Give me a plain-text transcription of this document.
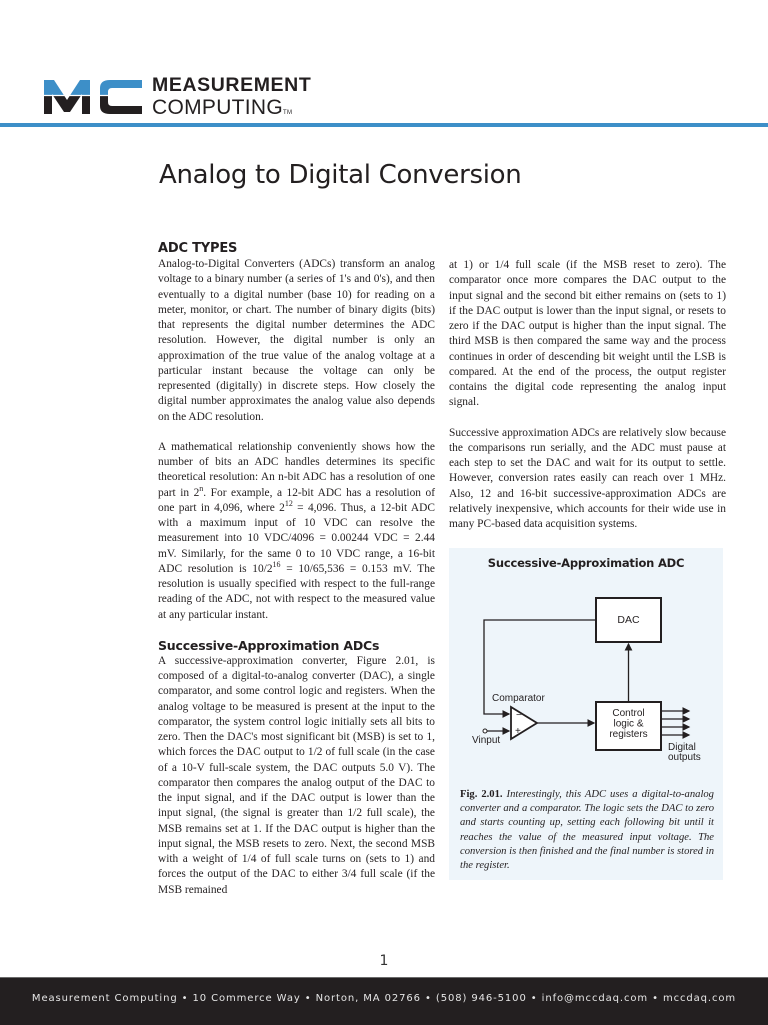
MEASUREMENT
COMPUTINGTM
Analog to Digital Conversion
ADC TYPES

Analog-to-Digital Converters (ADCs) transform an analog voltage to a binary number (a series of 1's and 0's), and then eventually to a digital number (base 10) for reading on a meter, monitor, or chart. The number of binary digits (bits) that represents the digital number determines the ADC resolution. However, the digital number is only an approximation of the true value of the analog voltage at a particular instant because the voltage can only be represented (digitally) in discrete steps. How closely the digital number approximates the analog value also depends on the ADC resolution.

A mathematical relationship conveniently shows how the number of bits an ADC handles determines its specific theoretical resolution: An n-bit ADC has a resolution of one part in 2$^n$. For example, a 12-bit ADC has a resolution of one part in 4,096, where $2^{12} = 4,096$. Thus, a 12-bit ADC with a maximum input of 10 VDC can resolve the measurement into 10 VDC/4096 = 0.00244 VDC = 2.44 mV. Similarly, for the same 0 to 10 VDC range, a 16-bit ADC resolution is $10/2^{16} = 10/65,536 = 0.153$ mV. The resolution is usually specified with respect to the full-range reading of the ADC, not with respect to the measured value at any particular instant.

Successive-Approximation ADCs

A successive-approximation converter, Figure 2.01, is composed of a digital-to-analog converter (DAC), a single comparator, and some control logic and registers. When the analog voltage to be measured is present at the input to the comparator, the system control logic initially sets all bits to zero. Then the DAC's most significant bit (MSB) is set to 1, which forces the DAC output to 1/2 of full scale (in the case of a 10-V full-scale system, the DAC outputs 5.0 V). The comparator then compares the analog output of the DAC to the input signal, and if the DAC output is lower than the input signal, (the signal is greater than 1/2 full scale), the MSB remains set at 1. If the DAC output is higher than the input signal, the MSB resets to zero. Next, the second MSB with a weight of 1/4 of full scale turns on (sets to 1) and forces the output of the DAC to either 3/4 full scale (if the MSB remained

at 1) or 1/4 full scale (if the MSB reset to zero). The comparator once more compares the DAC output to the input signal and the second bit either remains on (sets to 1) if the DAC output is lower than the input signal, or resets to zero if the DAC output is higher than the input signal. The third MSB is then compared the same way and the process continues in order of descending bit weight until the LSB is compared. At the end of the process, the output register contains the digital code representing the analog input signal.

Successive approximation ADCs are relatively slow because the comparisons run serially, and the ADC must pause at each step to set the DAC and wait for its output to settle. However, conversion rates easily can reach over 1 MHz. Also, 12 and 16-bit successive-approximation ADCs are relatively inexpensive, which accounts for their wide use in many PC-based data acquisition systems.

Successive-Approximation ADC
DAC
Control
logic &
registers
−
+
Comparator
Vinput
Digital
outputs
Fig. 2.01. Interestingly, this ADC uses a digital-to-analog converter and a comparator. The logic sets the DAC to zero and starts counting up, setting each following bit until it reaches the value of the measured input voltage. The conversion is then finished and the final number is stored in the register.
1
Measurement Computing • 10 Commerce Way • Norton, MA 02766 • (508) 946-5100 • info@mccdaq.com • mccdaq.com
